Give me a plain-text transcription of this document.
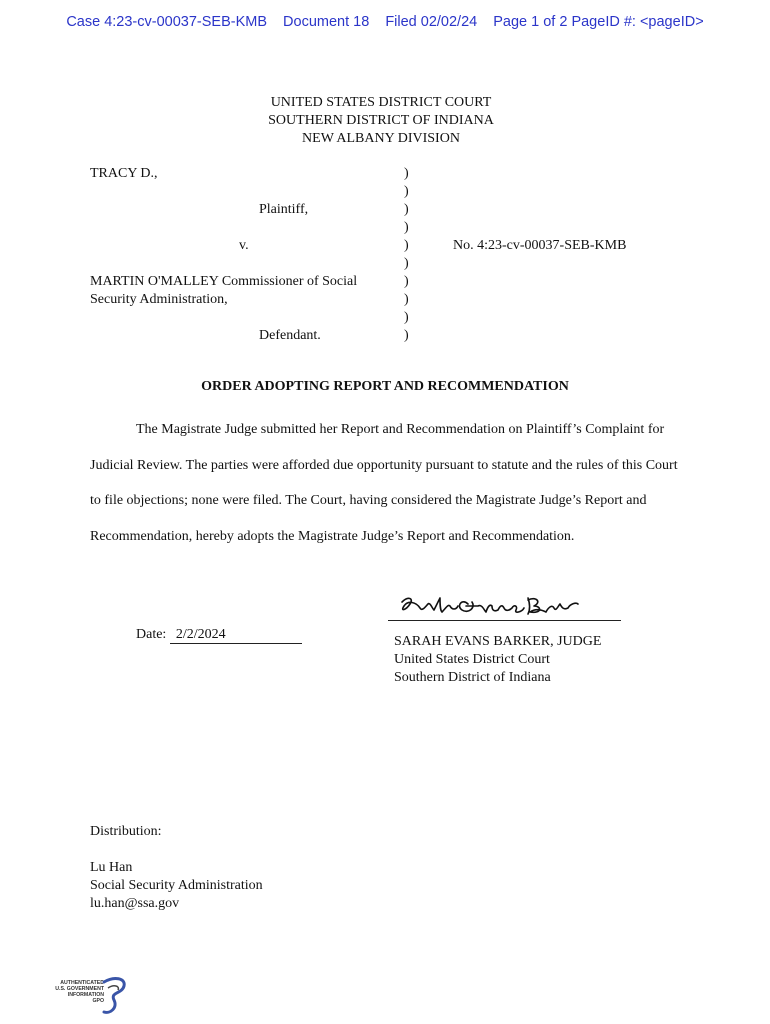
Case 4:23-cv-00037-SEB-KMB Document 18 Filed 02/02/24 Page 1 of 2 PageID #: <pageID>
UNITED STATES DISTRICT COURT
SOUTHERN DISTRICT OF INDIANA
NEW ALBANY DIVISION
TRACY D.,
Plaintiff,
v.
MARTIN O'MALLEY Commissioner of Social
Security Administration,
Defendant.
No. 4:23-cv-00037-SEB-KMB
)
)
)
)
)
)
)
)
)
)
ORDER ADOPTING REPORT AND RECOMMENDATION

The Magistrate Judge submitted her Report and Recommendation on Plaintiff’s Complaint for Judicial Review. The parties were afforded due opportunity pursuant to statute and the rules of this Court to file objections; none were filed. The Court, having considered the Magistrate Judge’s Report and Recommendation, hereby adopts the Magistrate Judge’s Report and Recommendation.

SARAH EVANS BARKER, JUDGE
United States District Court
Southern District of Indiana
Date: 2/2/2024
Distribution:
Lu Han
Social Security Administration
lu.han@ssa.gov
AUTHENTICATED
U.S. GOVERNMENT
INFORMATION
GPO
